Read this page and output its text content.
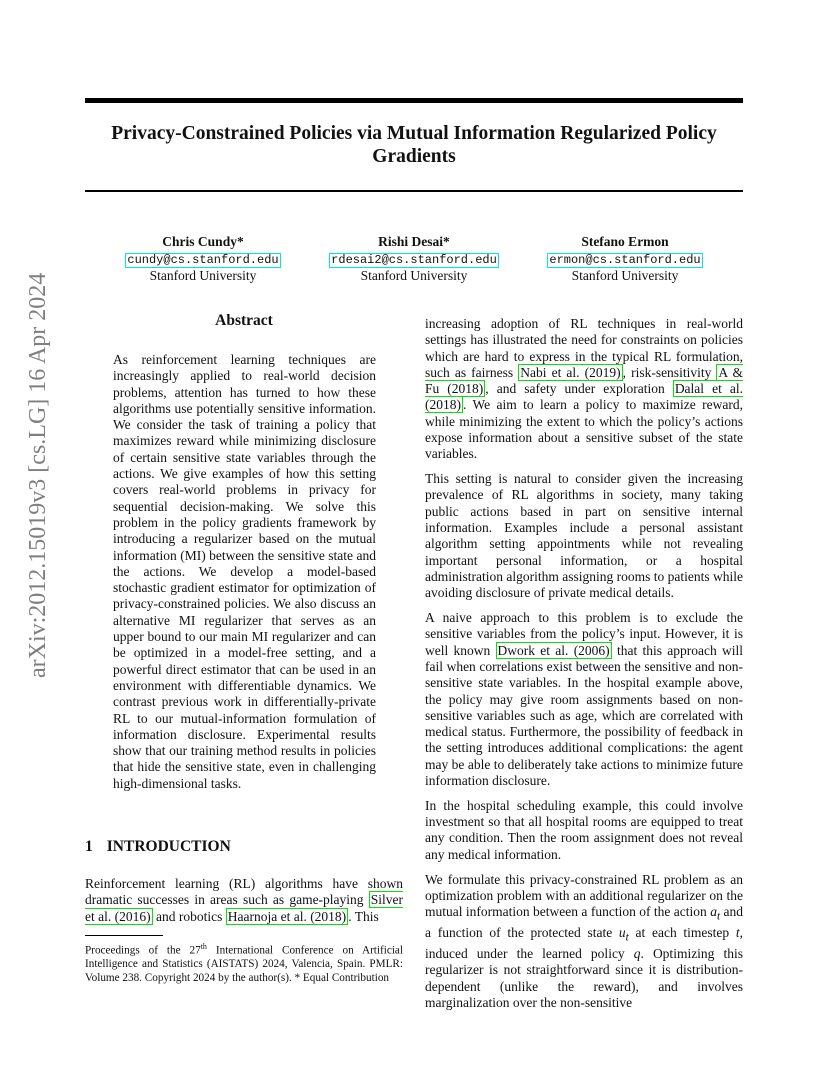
arXiv:2012.15019v3 [cs.LG] 16 Apr 2024
Privacy-Constrained Policies via Mutual Information Regularized Policy Gradients
Chris Cundy*
cundy@cs.stanford.edu
Stanford University
Rishi Desai*
rdesai2@cs.stanford.edu
Stanford University
Stefano Ermon
ermon@cs.stanford.edu
Stanford University
Abstract

As reinforcement learning techniques are increasingly applied to real-world decision problems, attention has turned to how these algorithms use potentially sensitive information. We consider the task of training a policy that maximizes reward while minimizing disclosure of certain sensitive state variables through the actions. We give examples of how this setting covers real-world problems in privacy for sequential decision-making. We solve this problem in the policy gradients framework by introducing a regularizer based on the mutual information (MI) between the sensitive state and the actions. We develop a model-based stochastic gradient estimator for optimization of privacy-constrained policies. We also discuss an alternative MI regularizer that serves as an upper bound to our main MI regularizer and can be optimized in a model-free setting, and a powerful direct estimator that can be used in an environment with differentiable dynamics. We contrast previous work in differentially-private RL to our mutual-information formulation of information disclosure. Experimental results show that our training method results in policies that hide the sensitive state, even in challenging high-dimensional tasks.

1 INTRODUCTION

Reinforcement learning (RL) algorithms have shown dramatic successes in areas such as game-playing Silver et al. (2016) and robotics Haarnoja et al. (2018) . This

Proceedings of the 27th International Conference on Artificial Intelligence and Statistics (AISTATS) 2024, Valencia, Spain. PMLR: Volume 238. Copyright 2024 by the author(s). * Equal Contribution

increasing adoption of RL techniques in real-world settings has illustrated the need for constraints on policies which are hard to express in the typical RL formulation, such as fairness Nabi et al. (2019) , risk-sensitivity A & Fu (2018) , and safety under exploration Dalal et al. (2018) . We aim to learn a policy to maximize reward, while minimizing the extent to which the policy’s actions expose information about a sensitive subset of the state variables.

This setting is natural to consider given the increasing prevalence of RL algorithms in society, many taking public actions based in part on sensitive internal information. Examples include a personal assistant algorithm setting appointments while not revealing important personal information, or a hospital administration algorithm assigning rooms to patients while avoiding disclosure of private medical details.

A naive approach to this problem is to exclude the sensitive variables from the policy’s input. However, it is well known Dwork et al. (2006) that this approach will fail when correlations exist between the sensitive and non-sensitive state variables. In the hospital example above, the policy may give room assignments based on non-sensitive variables such as age, which are correlated with medical status. Furthermore, the possibility of feedback in the setting introduces additional complications: the agent may be able to deliberately take actions to minimize future information disclosure.

In the hospital scheduling example, this could involve investment so that all hospital rooms are equipped to treat any condition. Then the room assignment does not reveal any medical information.

We formulate this privacy-constrained RL problem as an optimization problem with an additional regularizer on the mutual information between a function of the action $a_t$ and a function of the protected state $u_t$ at each timestep t, induced under the learned policy q. Optimizing this regularizer is not straightforward since it is distribution-dependent (unlike the reward), and involves marginalization over the non-sensitive
